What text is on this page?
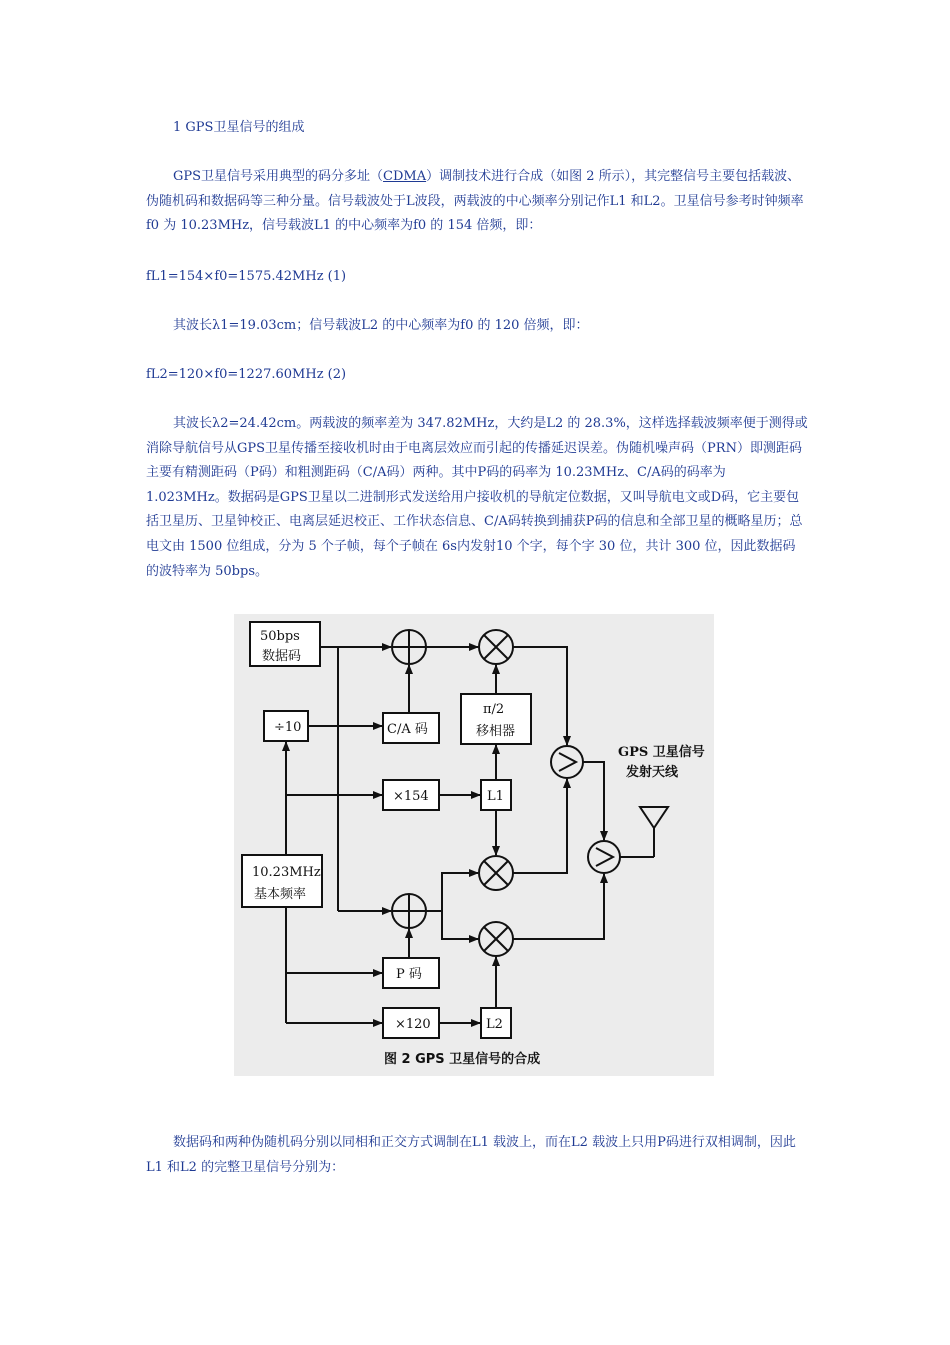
1 GPS卫星信号的组成
GPS卫星信号采用典型的码分多址（CDMA）调制技术进行合成（如图 2 所示），其完整信号主要包括载波、伪随机码和数据码等三种分量。信号载波处于L波段，两载波的中心频率分别记作L1 和L2。卫星信号参考时钟频率f0 为 10.23MHz，信号载波L1 的中心频率为f0 的 154 倍频，即：
fL1=154×f0=1575.42MHz (1)
其波长λ1=19.03cm；信号载波L2 的中心频率为f0 的 120 倍频，即：
fL2=120×f0=1227.60MHz (2)
其波长λ2=24.42cm。两载波的频率差为 347.82MHz，大约是L2 的 28.3%，这样选择载波频率便于测得或消除导航信号从GPS卫星传播至接收机时由于电离层效应而引起的传播延迟误差。伪随机噪声码（PRN）即测距码主要有精测距码（P码）和粗测距码（C/A码）两种。其中P码的码率为 10.23MHz、C/A码的码率为 1.023MHz。数据码是GPS卫星以二进制形式发送给用户接收机的导航定位数据，又叫导航电文或D码，它主要包括卫星历、卫星钟校正、电离层延迟校正、工作状态信息、C/A码转换到捕获P码的信息和全部卫星的概略星历；总电文由 1500 位组成，分为 5 个子帧，每个子帧在 6s内发射10 个字，每个字 30 位，共计 300 位，因此数据码的波特率为 50bps。
50bps
数据码
÷10	C/A 码
π/2
移相器
×154	L1
10.23MHz
基本频率
P 码
×120	L2
GPS 卫星信号
发射天线
图 2 GPS 卫星信号的合成
数据码和两种伪随机码分别以同相和正交方式调制在L1 载波上，而在L2 载波上只用P码进行双相调制，因此L1 和L2 的完整卫星信号分别为：
